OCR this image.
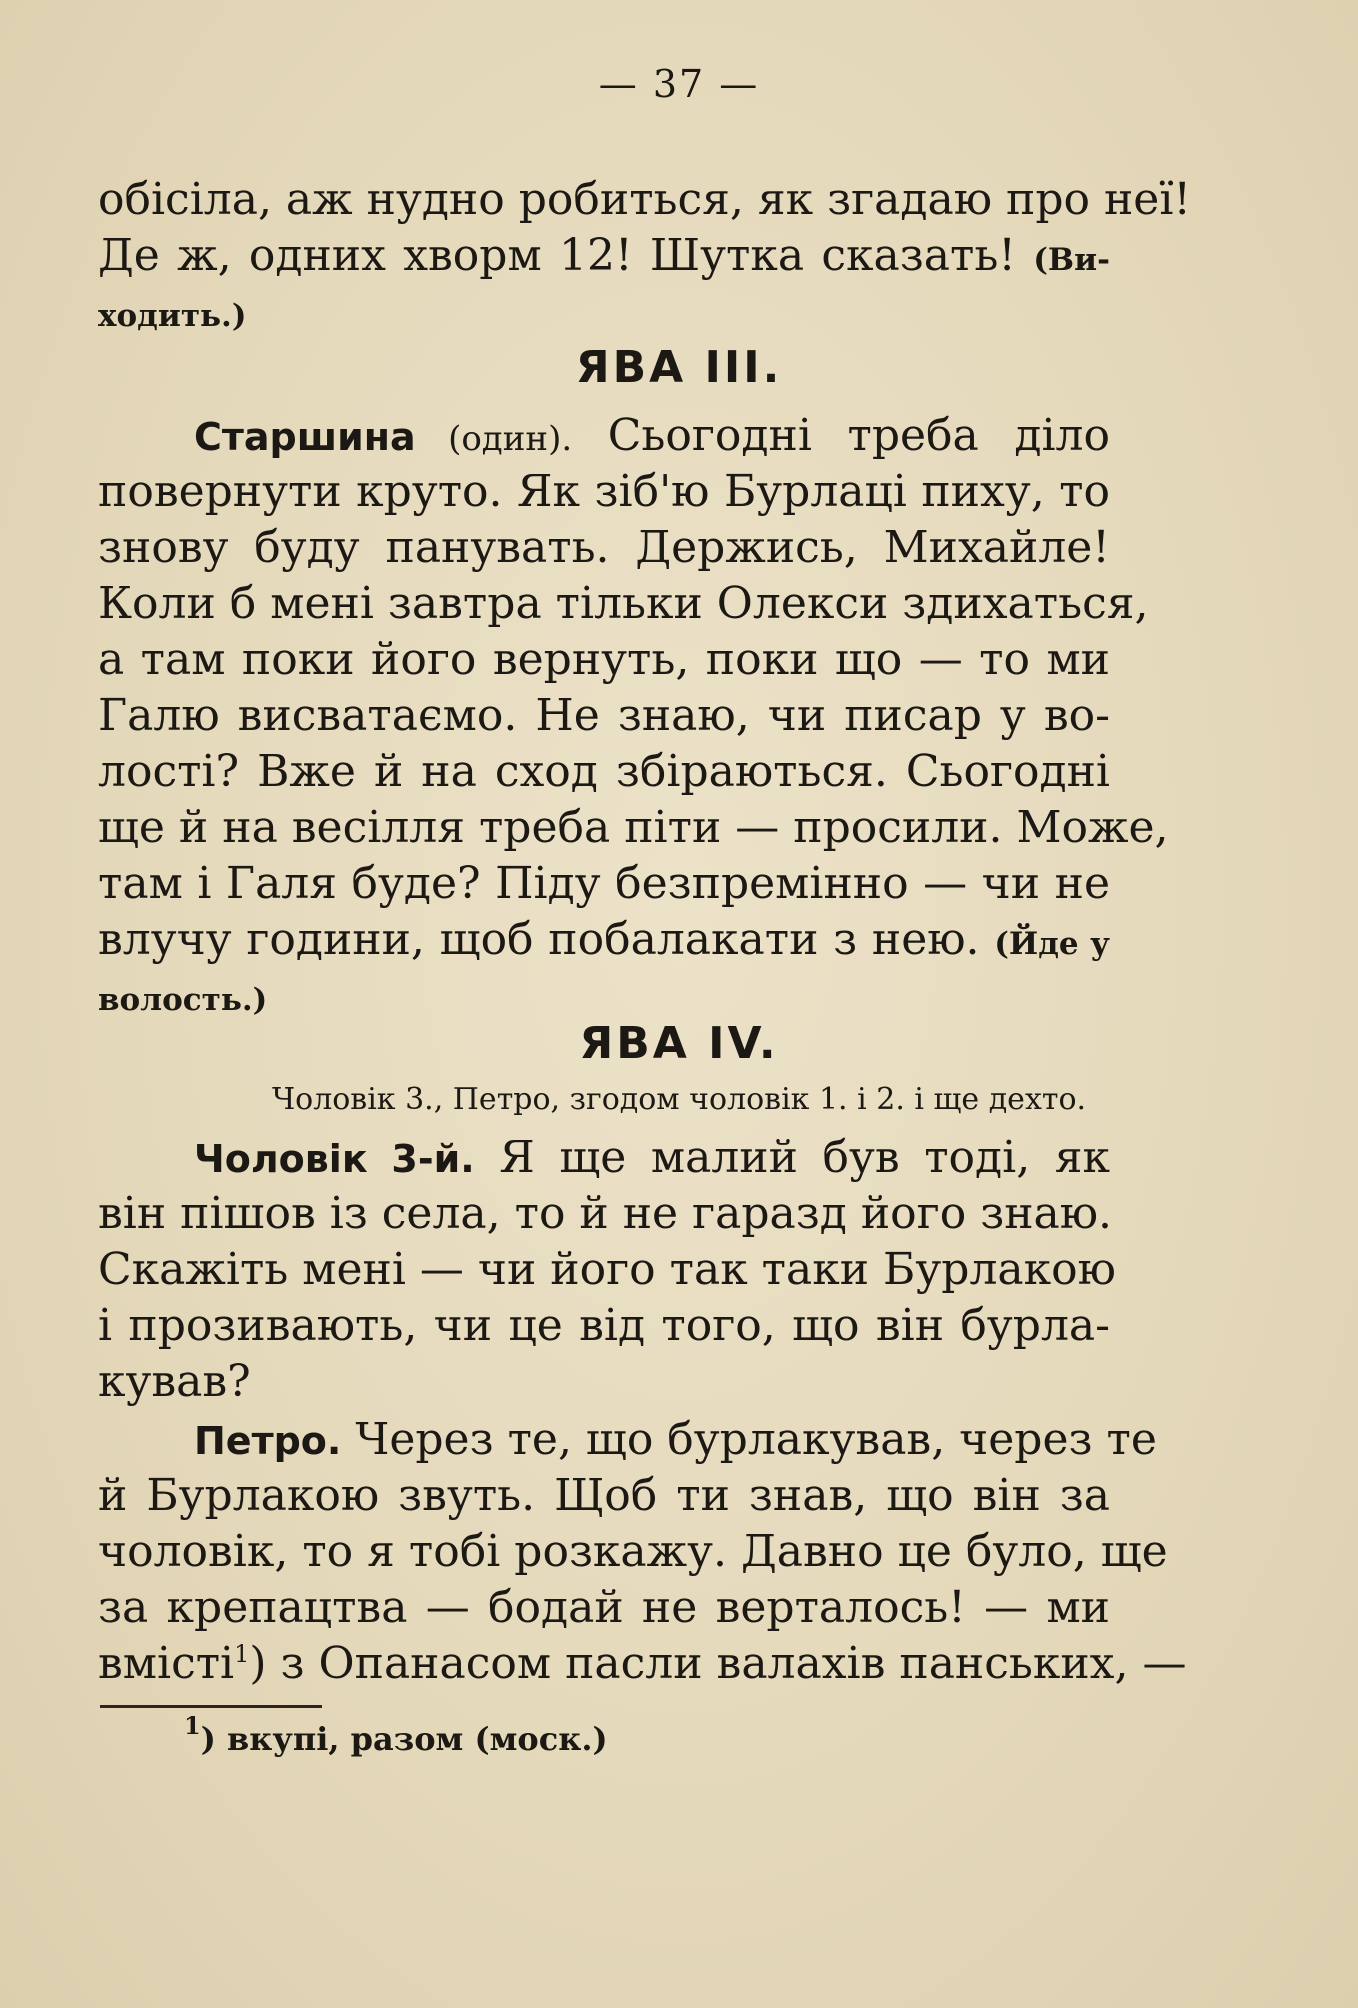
— 37 —
обісіла, аж нудно робиться, як згадаю про неї!
Де ж, одних хворм 12! Шутка сказать! (Ви-
ходить.)
ЯВА III.
Старшина (один). Сьогодні треба діло
повернути круто. Як зіб'ю Бурлаці пиху, то
знову буду панувать. Держись, Михайле!
Коли б мені завтра тільки Олекси здихаться,
а там поки його вернуть, поки що — то ми
Галю висватаємо. Не знаю, чи писар у во-
лості? Вже й на сход збіраються. Сьогодні
ще й на весілля треба піти — просили. Може,
там і Галя буде? Піду безпремінно — чи не
влучу години, щоб побалакати з нею. (Йде у
волость.)
ЯВА IV.
Чоловік 3., Петро, згодом чоловік 1. і 2. і ще дехто.
Чоловік 3-й. Я ще малий був тоді, як
він пішов із села, то й не гаразд його знаю.
Скажіть мені — чи його так таки Бурлакою
і прозивають, чи це від того, що він бурла-
кував?
Петро. Через те, що бурлакував, через те
й Бурлакою звуть. Щоб ти знав, що він за
чоловік, то я тобі розкажу. Давно це було, ще
за крепацтва — бодай не верталось! — ми
вмісті$^1$) з Опанасом пасли валахів панських, —
$^1$) вкупі, разом (моск.)
